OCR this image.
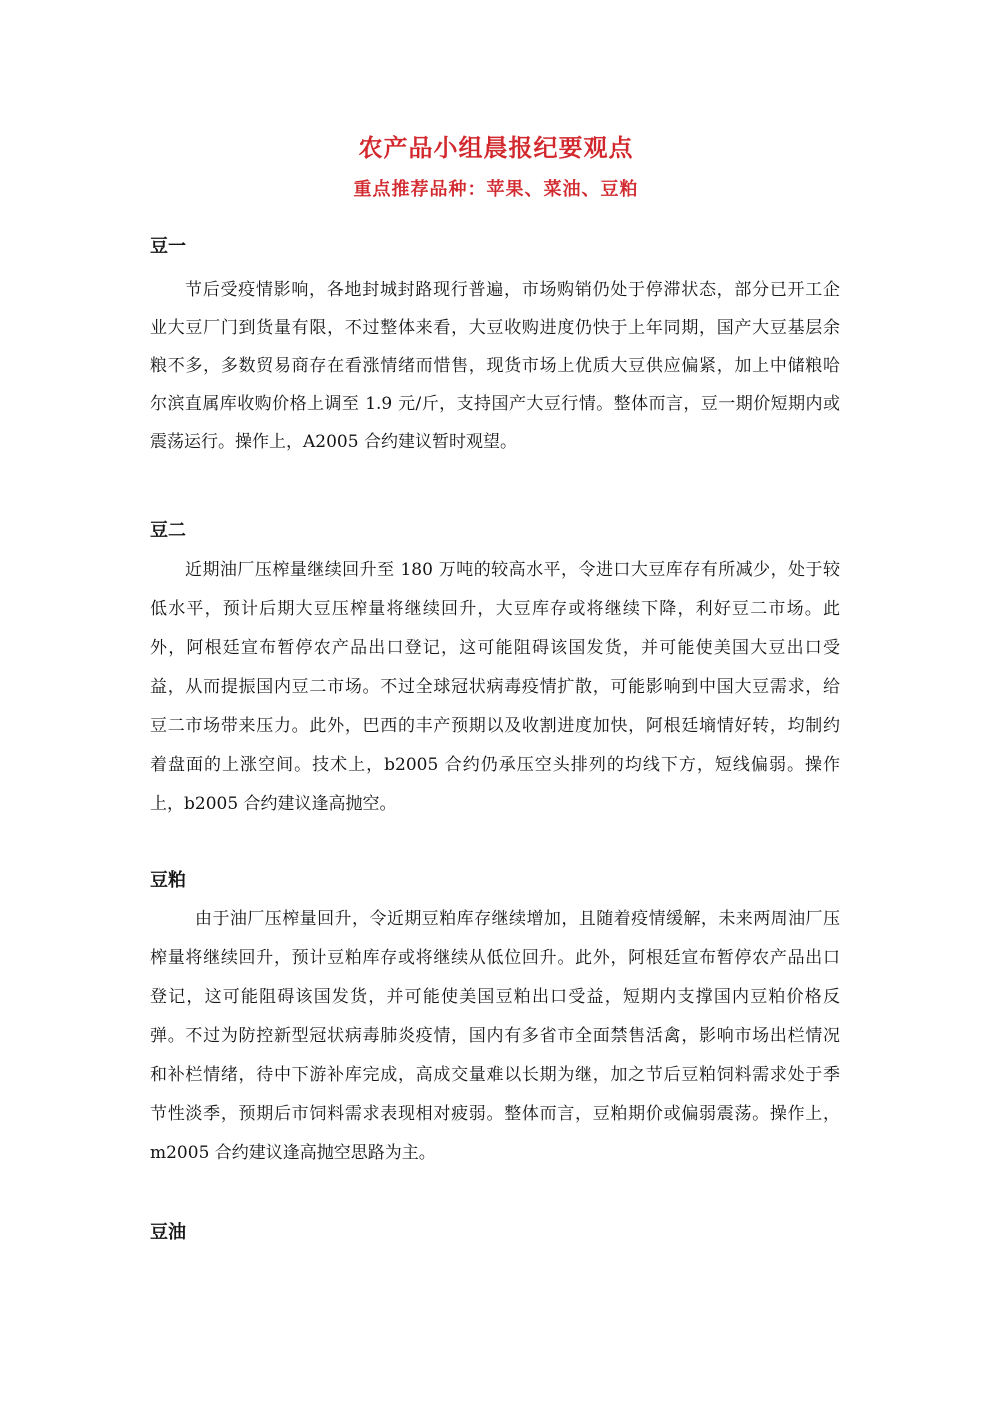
农产品小组晨报纪要观点
重点推荐品种：苹果、菜油、豆粕
豆一
节后受疫情影响，各地封城封路现行普遍，市场购销仍处于停滞状态，部分已开工企
业大豆厂门到货量有限，不过整体来看，大豆收购进度仍快于上年同期，国产大豆基层余
粮不多，多数贸易商存在看涨情绪而惜售，现货市场上优质大豆供应偏紧，加上中储粮哈
尔滨直属库收购价格上调至 1.9 元/斤，支持国产大豆行情。整体而言，豆一期价短期内或
震荡运行。操作上，A2005 合约建议暂时观望。
豆二
近期油厂压榨量继续回升至 180 万吨的较高水平，令进口大豆库存有所减少，处于较
低水平，预计后期大豆压榨量将继续回升，大豆库存或将继续下降，利好豆二市场。此
外，阿根廷宣布暂停农产品出口登记，这可能阻碍该国发货，并可能使美国大豆出口受
益，从而提振国内豆二市场。不过全球冠状病毒疫情扩散，可能影响到中国大豆需求，给
豆二市场带来压力。此外，巴西的丰产预期以及收割进度加快，阿根廷墒情好转，均制约
着盘面的上涨空间。技术上，b2005 合约仍承压空头排列的均线下方，短线偏弱。操作
上，b2005 合约建议逢高抛空。
豆粕
由于油厂压榨量回升，令近期豆粕库存继续增加，且随着疫情缓解，未来两周油厂压
榨量将继续回升，预计豆粕库存或将继续从低位回升。此外，阿根廷宣布暂停农产品出口
登记，这可能阻碍该国发货，并可能使美国豆粕出口受益，短期内支撑国内豆粕价格反
弹。不过为防控新型冠状病毒肺炎疫情，国内有多省市全面禁售活禽，影响市场出栏情况
和补栏情绪，待中下游补库完成，高成交量难以长期为继，加之节后豆粕饲料需求处于季
节性淡季，预期后市饲料需求表现相对疲弱。整体而言，豆粕期价或偏弱震荡。操作上，
m2005 合约建议逢高抛空思路为主。
豆油
